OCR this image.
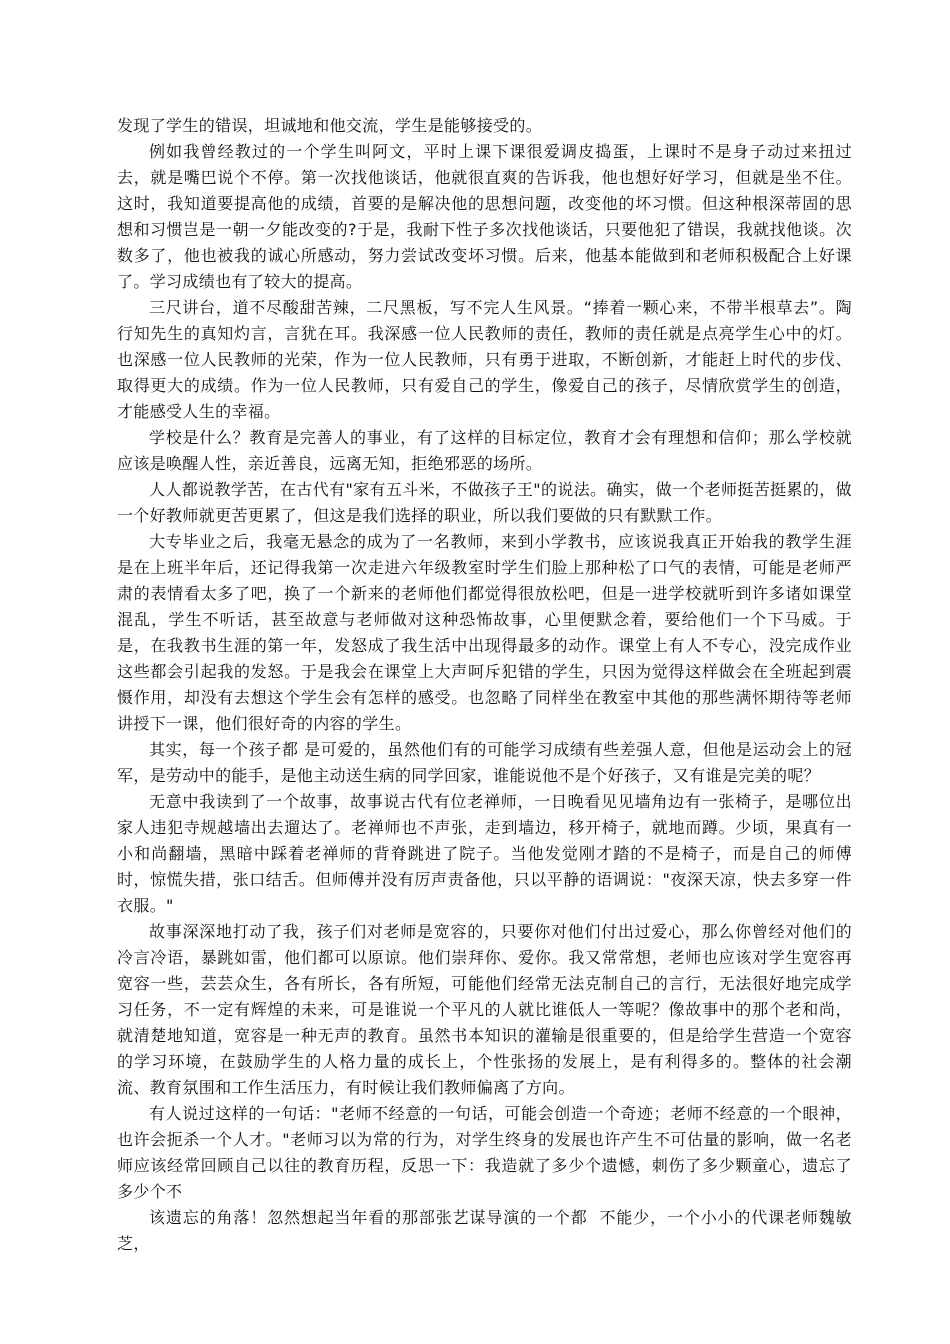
发现了学生的错误，坦诚地和他交流，学生是能够接受的。

例如我曾经教过的一个学生叫阿文，平时上课下课很爱调皮捣蛋，上课时不是身子动过来扭过去，就是嘴巴说个不停。第一次找他谈话，他就很直爽的告诉我，他也想好好学习，但就是坐不住。这时，我知道要提高他的成绩，首要的是解决他的思想问题，改变他的坏习惯。但这种根深蒂固的思想和习惯岂是一朝一夕能改变的?于是，我耐下性子多次找他谈话，只要他犯了错误，我就找他谈。次数多了，他也被我的诚心所感动，努力尝试改变坏习惯。后来，他基本能做到和老师积极配合上好课了。学习成绩也有了较大的提高。

三尺讲台，道不尽酸甜苦辣，二尺黑板，写不完人生风景。“捧着一颗心来，不带半根草去”。陶行知先生的真知灼言，言犹在耳。我深感一位人民教师的责任，教师的责任就是点亮学生心中的灯。也深感一位人民教师的光荣，作为一位人民教师，只有勇于进取，不断创新，才能赶上时代的步伐、取得更大的成绩。作为一位人民教师，只有爱自己的学生，像爱自己的孩子，尽情欣赏学生的创造，才能感受人生的幸福。

学校是什么？教育是完善人的事业，有了这样的目标定位，教育才会有理想和信仰；那么学校就应该是唤醒人性，亲近善良，远离无知，拒绝邪恶的场所。

人人都说教学苦，在古代有"家有五斗米，不做孩子王"的说法。确实，做一个老师挺苦挺累的，做一个好教师就更苦更累了，但这是我们选择的职业，所以我们要做的只有默默工作。

大专毕业之后，我毫无悬念的成为了一名教师，来到小学教书，应该说我真正开始我的教学生涯是在上班半年后，还记得我第一次走进六年级教室时学生们脸上那种松了口气的表情，可能是老师严肃的表情看太多了吧，换了一个新来的老师他们都觉得很放松吧，但是一进学校就听到许多诸如课堂混乱，学生不听话，甚至故意与老师做对这种恐怖故事，心里便默念着，要给他们一个下马威。于是，在我教书生涯的第一年，发怒成了我生活中出现得最多的动作。课堂上有人不专心，没完成作业这些都会引起我的发怒。于是我会在课堂上大声呵斥犯错的学生，只因为觉得这样做会在全班起到震慑作用，却没有去想这个学生会有怎样的感受。也忽略了同样坐在教室中其他的那些满怀期待等老师讲授下一课，他们很好奇的内容的学生。

其实，每一个孩子都 是可爱的，虽然他们有的可能学习成绩有些差强人意，但他是运动会上的冠军，是劳动中的能手，是他主动送生病的同学回家，谁能说他不是个好孩子，又有谁是完美的呢？

无意中我读到了一个故事，故事说古代有位老禅师，一日晚看见见墙角边有一张椅子，是哪位出家人违犯寺规越墙出去遛达了。老禅师也不声张，走到墙边，移开椅子，就地而蹲。少顷，果真有一小和尚翻墙，黑暗中踩着老禅师的背脊跳进了院子。当他发觉刚才踏的不是椅子，而是自己的师傅时，惊慌失措，张口结舌。但师傅并没有厉声责备他，只以平静的语调说："夜深天凉，快去多穿一件衣服。"

故事深深地打动了我，孩子们对老师是宽容的，只要你对他们付出过爱心，那么你曾经对他们的冷言冷语，暴跳如雷，他们都可以原谅。他们崇拜你、爱你。我又常常想，老师也应该对学生宽容再宽容一些，芸芸众生，各有所长，各有所短，可能他们经常无法克制自己的言行，无法很好地完成学习任务，不一定有辉煌的未来，可是谁说一个平凡的人就比谁低人一等呢？像故事中的那个老和尚，就清楚地知道，宽容是一种无声的教育。虽然书本知识的灌输是很重要的，但是给学生营造一个宽容的学习环境，在鼓励学生的人格力量的成长上，个性张扬的发展上，是有利得多的。整体的社会潮流、教育氛围和工作生活压力，有时候让我们教师偏离了方向。

有人说过这样的一句话："老师不经意的一句话，可能会创造一个奇迹；老师不经意的一个眼神，也许会扼杀一个人才。"老师习以为常的行为，对学生终身的发展也许产生不可估量的影响，做一名老师应该经常回顾自己以往的教育历程，反思一下：我造就了多少个遗憾，刺伤了多少颗童心，遗忘了多少个不

该遗忘的角落！忽然想起当年看的那部张艺谋导演的一个都  不能少，一个小小的代课老师魏敏芝，
